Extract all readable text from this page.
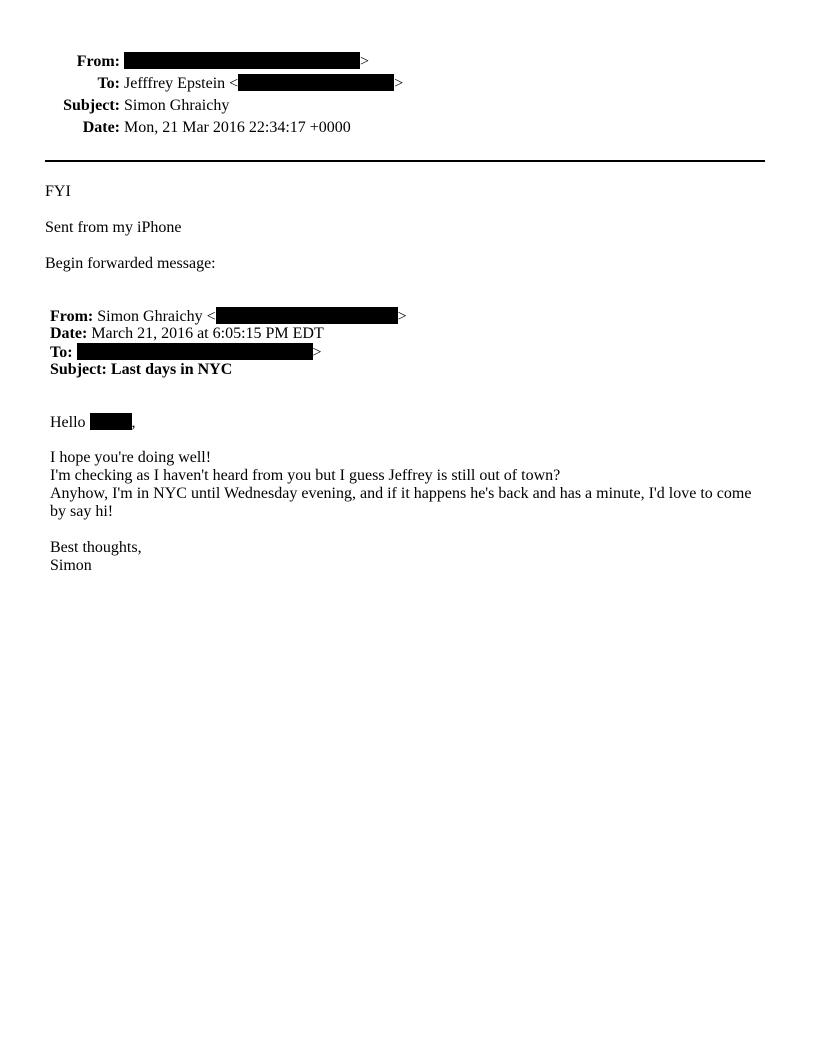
From:	>
To: Jefffrey Epstein <	>
Subject: Simon Ghraichy
Date: Mon, 21 Mar 2016 22:34:17 +0000
FYI
Sent from my iPhone
Begin forwarded message:
From: Simon Ghraichy <	>
Date: March 21, 2016 at 6:05:15 PM EDT
To:	>
Subject: Last days in NYC
Hello	,
I hope you're doing well!
I'm checking as I haven't heard from you but I guess Jeffrey is still out of town?
Anyhow, I'm in NYC until Wednesday evening, and if it happens he's back and has a minute, I'd love to come by say hi!
Best thoughts,
Simon
